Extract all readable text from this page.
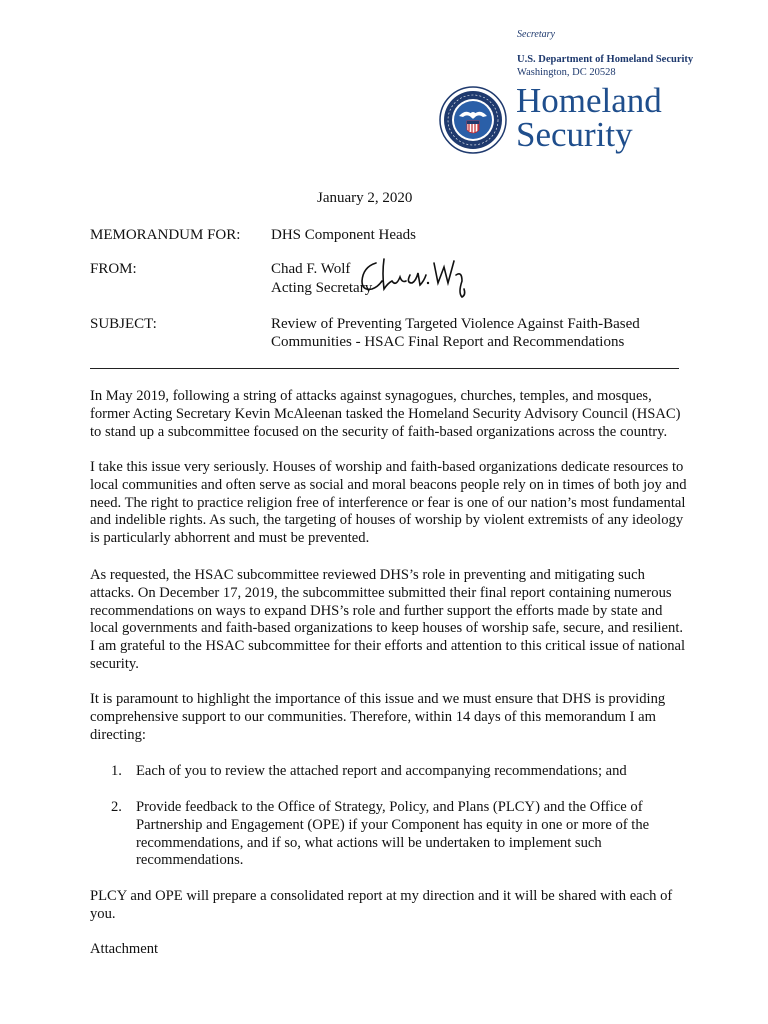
Secretary
U.S. Department of Homeland Security
Washington, DC 20528
Homeland
Security
January 2, 2020
MEMORANDUM FOR: DHS Component Heads
FROM:	Chad F. Wolf
Acting Secretary
SUBJECT:	Review of Preventing Targeted Violence Against Faith-Based
Communities - HSAC Final Report and Recommendations

In May 2019, following a string of attacks against synagogues, churches, temples, and mosques, former Acting Secretary Kevin McAleenan tasked the Homeland Security Advisory Council (HSAC) to stand up a subcommittee focused on the security of faith-based organizations across the country.

I take this issue very seriously. Houses of worship and faith-based organizations dedicate resources to local communities and often serve as social and moral beacons people rely on in times of both joy and need. The right to practice religion free of interference or fear is one of our nation’s most fundamental and indelible rights. As such, the targeting of houses of worship by violent extremists of any ideology is particularly abhorrent and must be prevented.

As requested, the HSAC subcommittee reviewed DHS’s role in preventing and mitigating such attacks. On December 17, 2019, the subcommittee submitted their final report containing numerous recommendations on ways to expand DHS’s role and further support the efforts made by state and local governments and faith-based organizations to keep houses of worship safe, secure, and resilient. I am grateful to the HSAC subcommittee for their efforts and attention to this critical issue of national security.

It is paramount to highlight the importance of this issue and we must ensure that DHS is providing comprehensive support to our communities. Therefore, within 14 days of this memorandum I am directing:

1. Each of you to review the attached report and accompanying recommendations; and

2. Provide feedback to the Office of Strategy, Policy, and Plans (PLCY) and the Office of Partnership and Engagement (OPE) if your Component has equity in one or more of the recommendations, and if so, what actions will be undertaken to implement such recommendations.

PLCY and OPE will prepare a consolidated report at my direction and it will be shared with each of you.

Attachment
